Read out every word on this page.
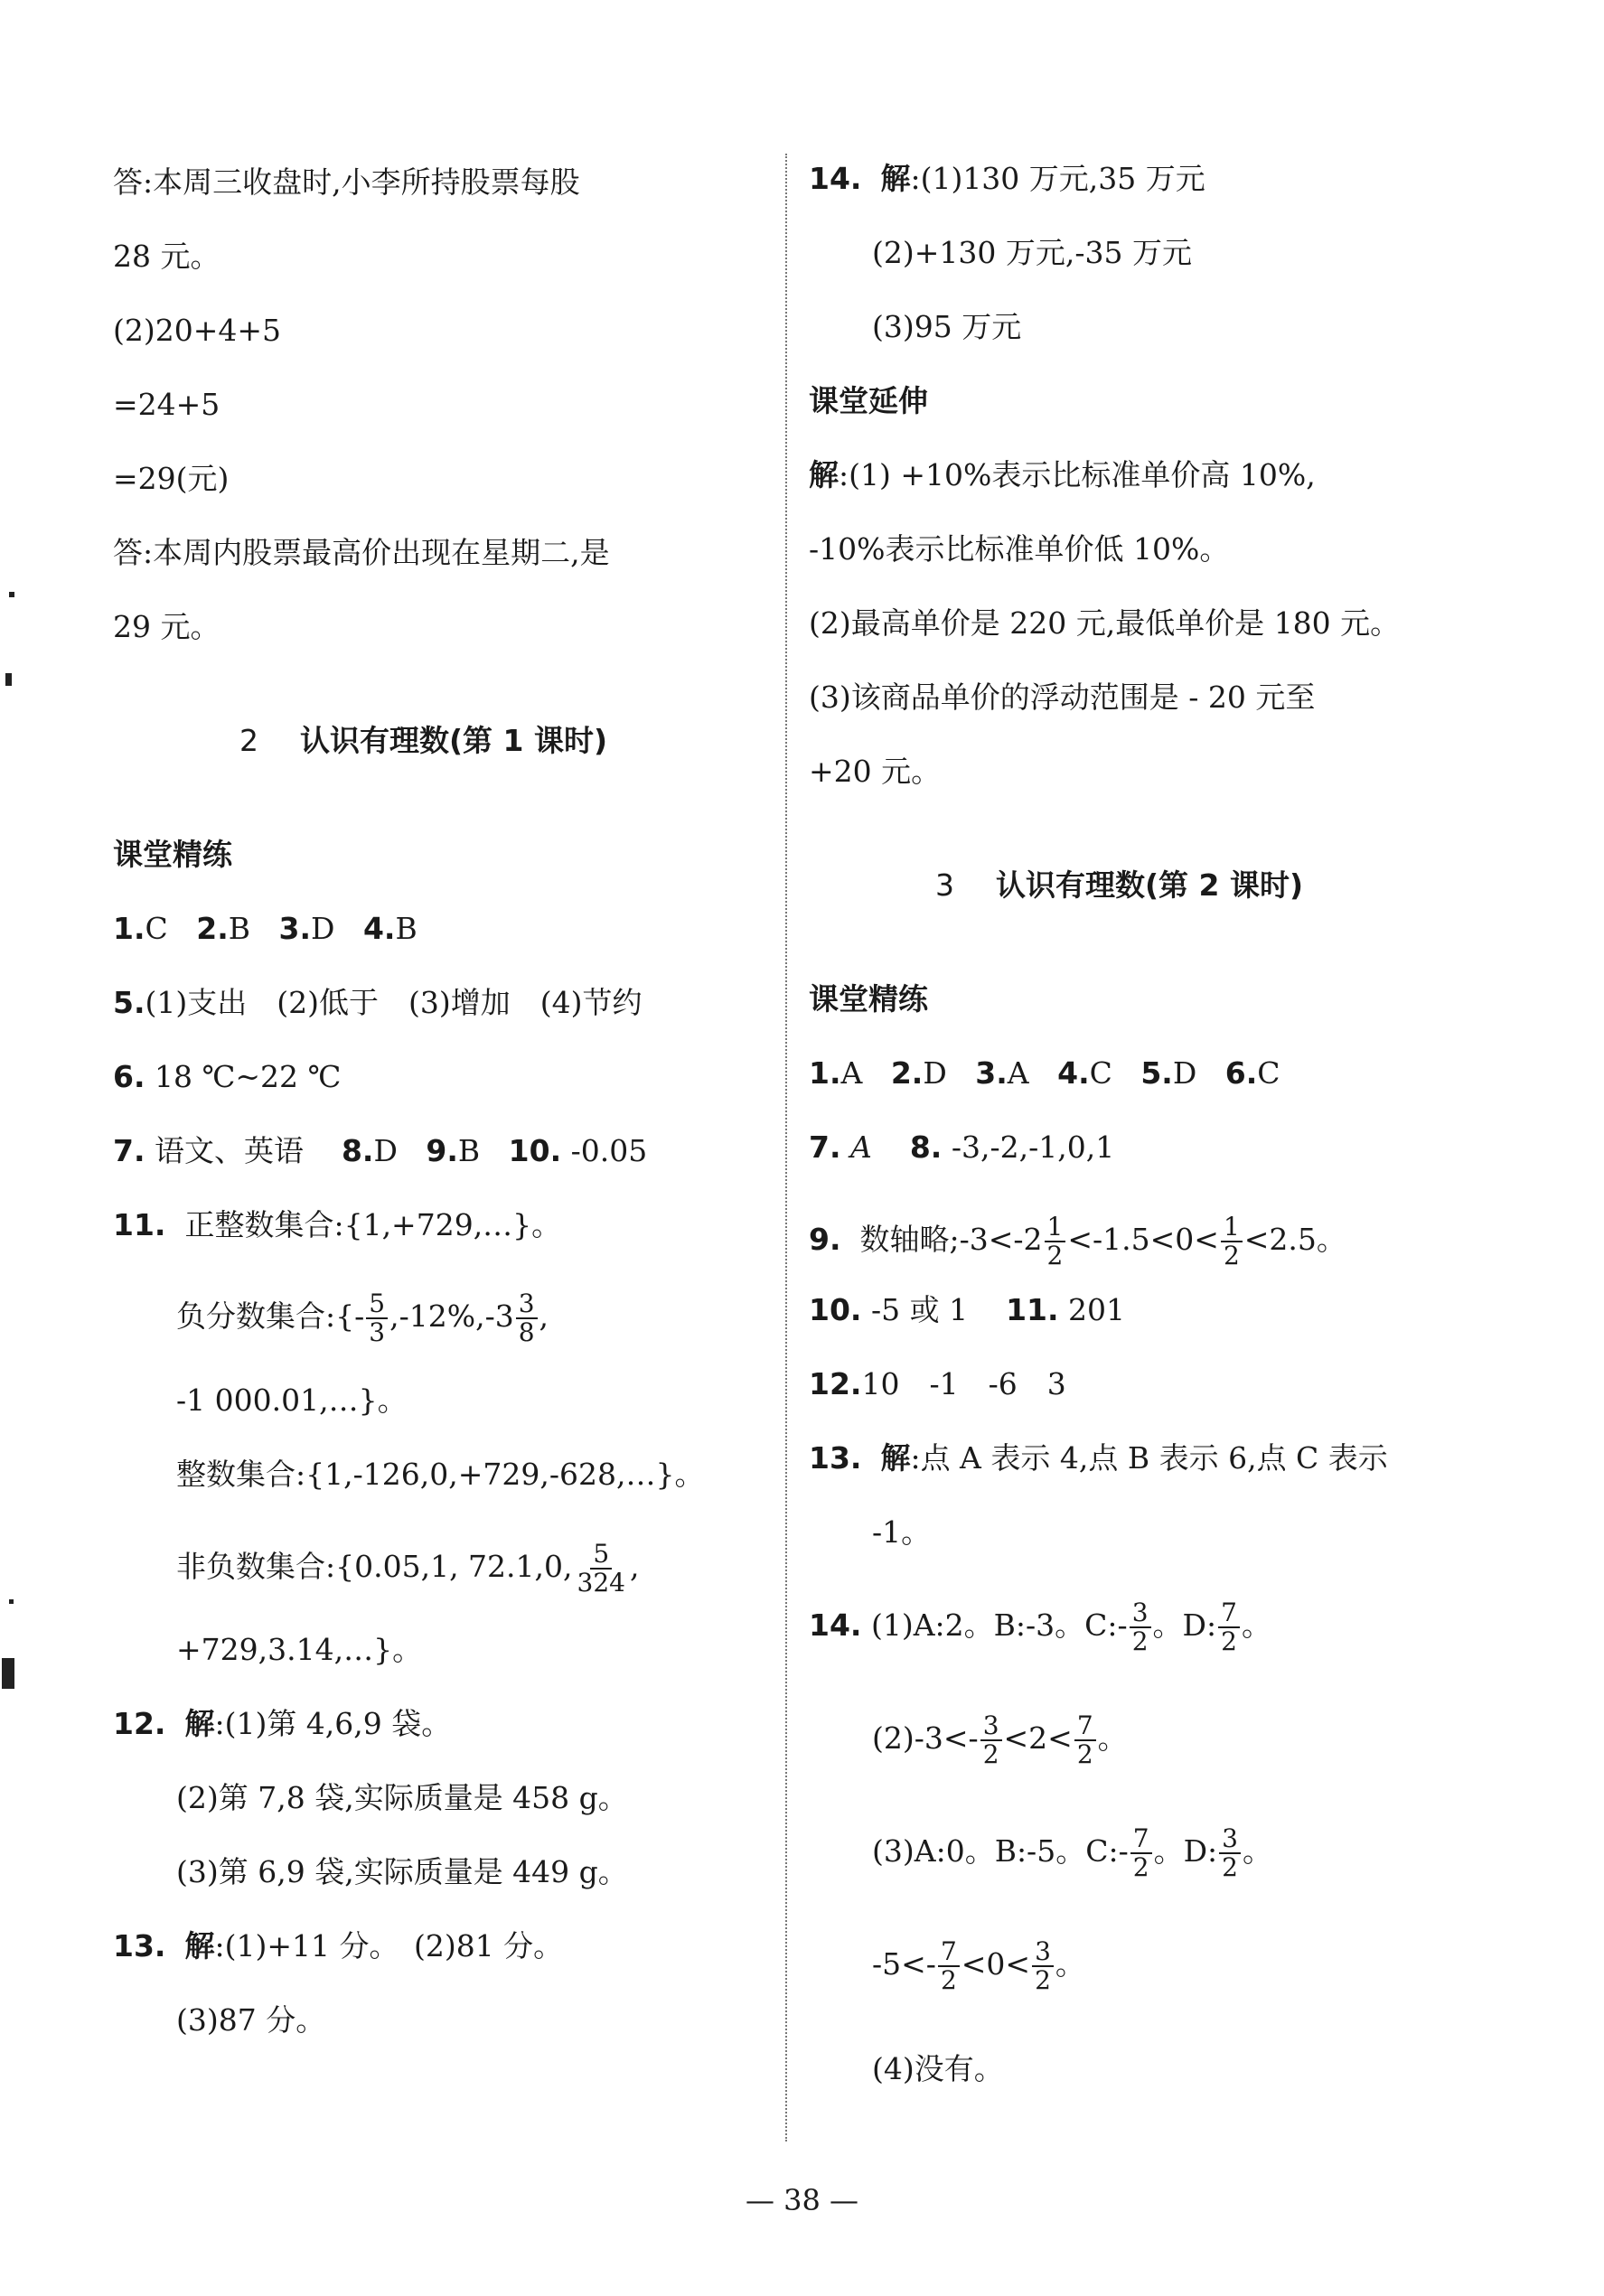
答:本周三收盘时,小李所持股票每股
28 元。
(2)20+4+5
=24+5
=29(元)
答:本周内股票最高价出现在星期二,是
29 元。
2 认识有理数(第 1 课时)
课堂精练
1.C 2.B 3.D 4.B
5.(1)支出　(2)低于　(3)增加　(4)节约
6. 18 ℃~22 ℃
7. 语文、英语 8.D 9.B 10. -0.05
11. 正整数集合:{1,+729,…}。
负分数集合:{- $\frac{5}{3} ,-12\%,-3 \frac{3}{8}$ ,
-1 000.01,…}。
整数集合:{1,-126,0,+729,-628,…}。
非负数集合:{0.05,1, 72.1,0, $\frac{5}{324}$ ,
+729,3.14,…}。
12. 解:(1)第 4,6,9 袋。
(2)第 7,8 袋,实际质量是 458 g。
(3)第 6,9 袋,实际质量是 449 g。
13. 解:(1)+11 分。　(2)81 分。
(3)87 分。
14. 解:(1)130 万元,35 万元
(2)+130 万元,-35 万元
(3)95 万元
课堂延伸
解:(1) +10%表示比标准单价高 10%,
-10%表示比标准单价低 10%。
(2)最高单价是 220 元,最低单价是 180 元。
(3)该商品单价的浮动范围是 - 20 元至
+20 元。
3 认识有理数(第 2 课时)
课堂精练
1.A 2.D 3.A 4.C 5.D 6.C
7. A 8. -3,-2,-1,0,1
9. 数轴略;-3<-2 $\frac{1}{2} <-1.5<0< \frac{1}{2} <2.5$。
10. -5 或 1 11. 201
12.10　-1　-6　3
13. 解:点 A 表示 4,点 B 表示 6,点 C 表示
-1。
14. (1)A:2。B:-3。C:- $\frac{3}{2}$ 。D: $\frac{7}{2}$ 。
$(2)-3<- \frac{3}{2} <2< \frac{7}{2}$ 。
(3)A:0。B:-5。C:- $\frac{7}{2}$ 。D: $\frac{3}{2}$ 。
$-5<- \frac{7}{2} <0< \frac{3}{2}$ 。
(4)没有。
— 38 —
